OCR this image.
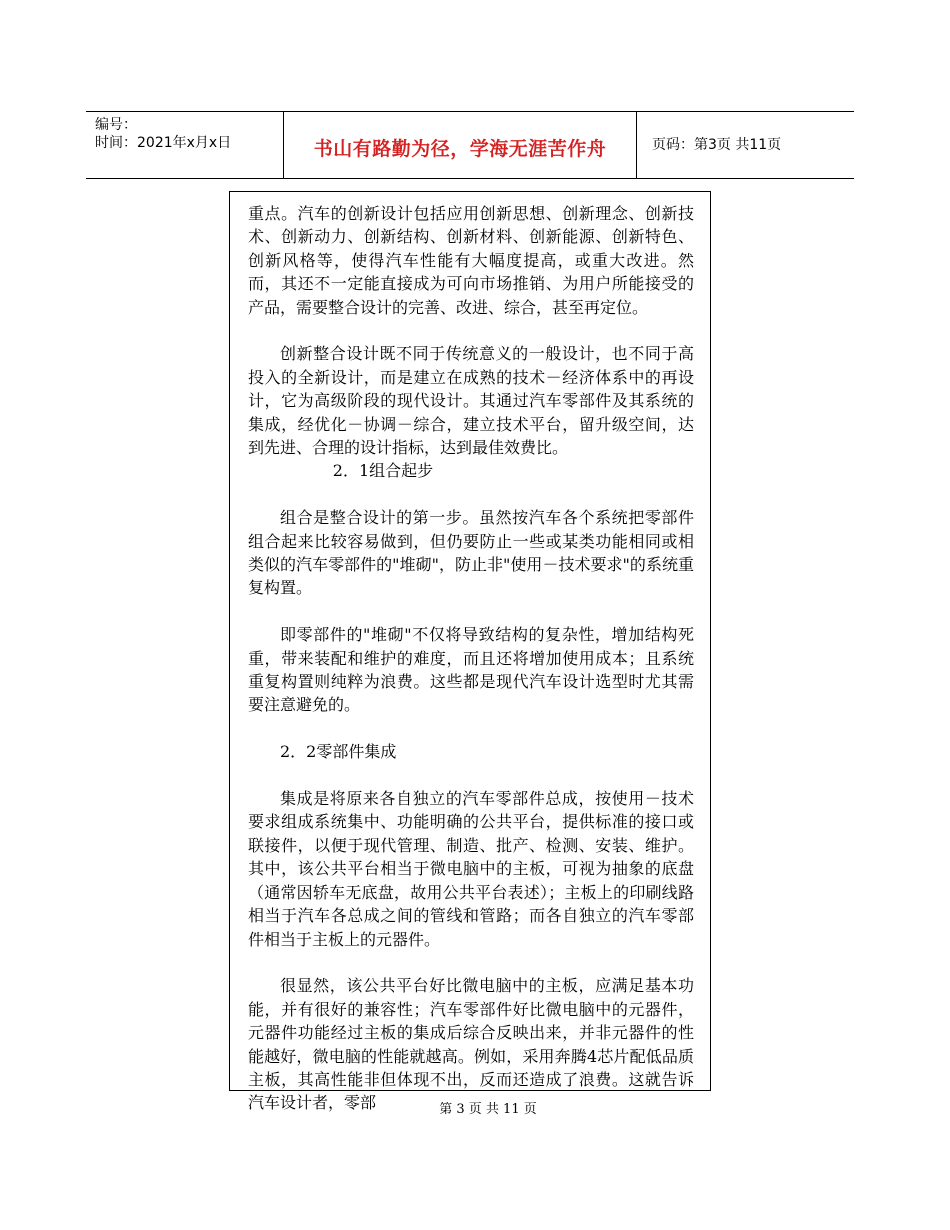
编号：
时间：2021年x月x日	书山有路勤为径，学海无涯苦作舟	页码：第3页 共11页

重点。汽车的创新设计包括应用创新思想、创新理念、创新技术、创新动力、创新结构、创新材料、创新能源、创新特色、创新风格等，使得汽车性能有大幅度提高，或重大改进。然而，其还不一定能直接成为可向市场推销、为用户所能接受的产品，需要整合设计的完善、改进、综合，甚至再定位。

创新整合设计既不同于传统意义的一般设计，也不同于高投入的全新设计，而是建立在成熟的技术－经济体系中的再设计，它为高级阶段的现代设计。其通过汽车零部件及其系统的集成，经优化－协调－综合，建立技术平台，留升级空间，达到先进、合理的设计指标，达到最佳效费比。

2．1组合起步

组合是整合设计的第一步。虽然按汽车各个系统把零部件组合起来比较容易做到，但仍要防止一些或某类功能相同或相类似的汽车零部件的"堆砌"，防止非"使用－技术要求"的系统重复构置。

即零部件的"堆砌"不仅将导致结构的复杂性，增加结构死重，带来装配和维护的难度，而且还将增加使用成本；且系统重复构置则纯粹为浪费。这些都是现代汽车设计选型时尤其需要注意避免的。

2．2零部件集成

集成是将原来各自独立的汽车零部件总成，按使用－技术要求组成系统集中、功能明确的公共平台，提供标准的接口或联接件，以便于现代管理、制造、批产、检测、安装、维护。其中，该公共平台相当于微电脑中的主板，可视为抽象的底盘（通常因轿车无底盘，故用公共平台表述）；主板上的印刷线路相当于汽车各总成之间的管线和管路；而各自独立的汽车零部件相当于主板上的元器件。

很显然，该公共平台好比微电脑中的主板，应满足基本功能，并有很好的兼容性；汽车零部件好比微电脑中的元器件，元器件功能经过主板的集成后综合反映出来，并非元器件的性能越好，微电脑的性能就越高。例如，采用奔腾4芯片配低品质主板，其高性能非但体现不出，反而还造成了浪费。这就告诉汽车设计者，零部	第 3 页 共 11 页
